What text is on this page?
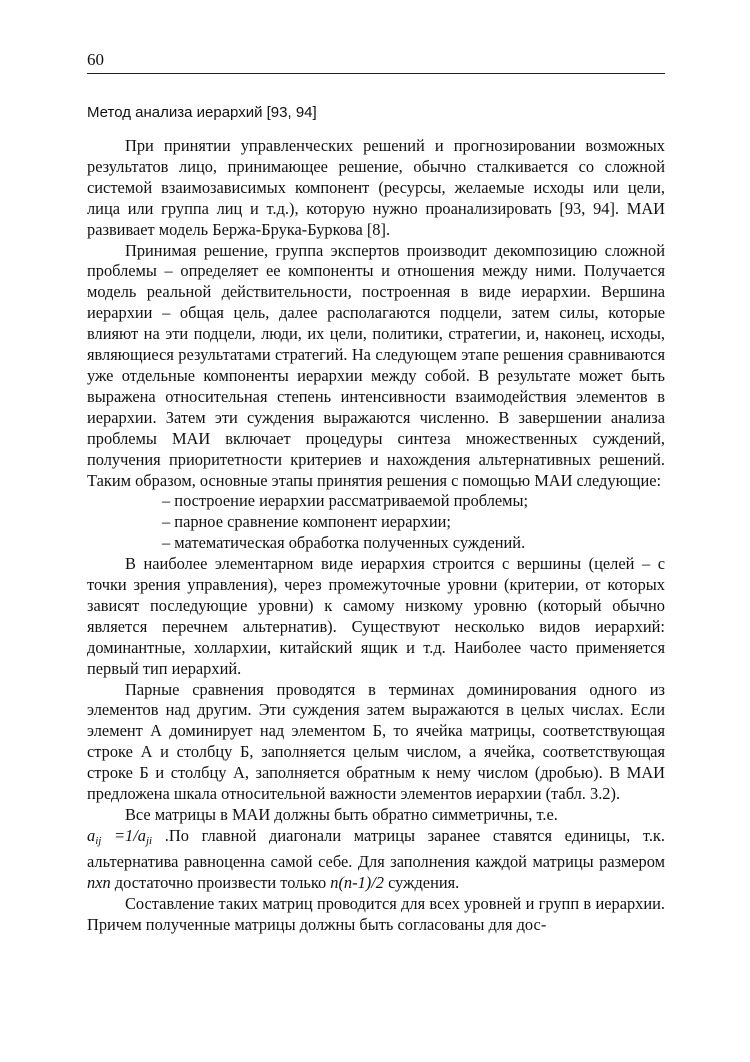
60
Метод анализа иерархий [93, 94]

При принятии управленческих решений и прогнозировании возможных результатов лицо, принимающее решение, обычно сталкивается со сложной системой взаимозависимых компонент (ресурсы, желаемые исходы или цели, лица или группа лиц и т.д.), которую нужно проанализировать [93, 94]. МАИ развивает модель Бержа-Брука-Буркова [8].

Принимая решение, группа экспертов производит декомпозицию сложной проблемы – определяет ее компоненты и отношения между ними. Получается модель реальной действительности, построенная в виде иерархии. Вершина иерархии – общая цель, далее располагаются подцели, затем силы, которые влияют на эти подцели, люди, их цели, политики, стратегии, и, наконец, исходы, являющиеся результатами стратегий. На следующем этапе решения сравниваются уже отдельные компоненты иерархии между собой. В результате может быть выражена относительная степень интенсивности взаимодействия элементов в иерархии. Затем эти суждения выражаются численно. В завершении анализа проблемы МАИ включает процедуры синтеза множественных суждений, получения приоритетности критериев и нахождения альтернативных решений. Таким образом, основные этапы принятия решения с помощью МАИ следующие:

– построение иерархии рассматриваемой проблемы;
– парное сравнение компонент иерархии;
– математическая обработка полученных суждений.

В наиболее элементарном виде иерархия строится с вершины (целей – с точки зрения управления), через промежуточные уровни (критерии, от которых зависят последующие уровни) к самому низкому уровню (который обычно является перечнем альтернатив). Существуют несколько видов иерархий: доминантные, холлархии, китайский ящик и т.д. Наиболее часто применяется первый тип иерархий.

Парные сравнения проводятся в терминах доминирования одного из элементов над другим. Эти суждения затем выражаются в целых числах. Если элемент А доминирует над элементом Б, то ячейка матрицы, соответствующая строке А и столбцу Б, заполняется целым числом, а ячейка, соответствующая строке Б и столбцу А, заполняется обратным к нему числом (дробью). В МАИ предложена шкала относительной важности элементов иерархии (табл. 3.2).

Все матрицы в МАИ должны быть обратно симметричны, т.е.
$a_{ij} =1/a_{ji}$ .По главной диагонали матрицы заранее ставятся единицы, т.к. альтернатива равноценна самой себе. Для заполнения каждой матрицы размером nxn достаточно произвести только n(n-1)/2 суждения.

Составление таких матриц проводится для всех уровней и групп в иерархии. Причем полученные матрицы должны быть согласованы для дос-
